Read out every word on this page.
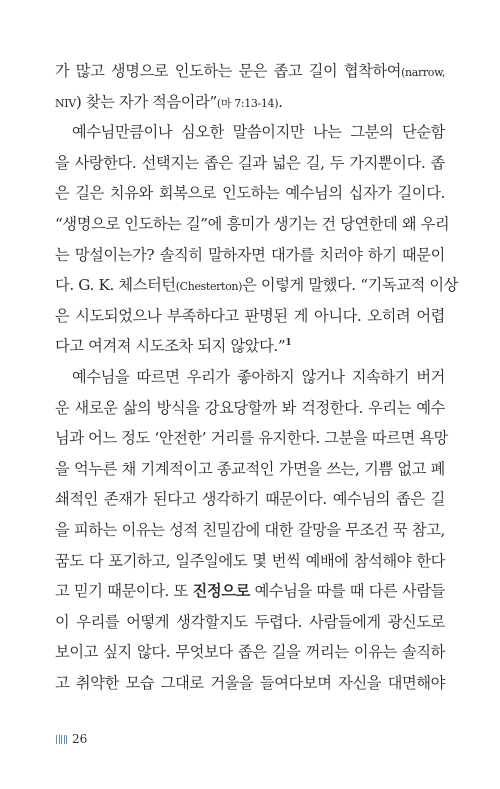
가 많고 생명으로 인도하는 문은 좁고 길이 협착하여(narrow,
NIV) 찾는 자가 적음이라”(마 7:13-14).
예수님만큼이나 심오한 말씀이지만 나는 그분의 단순함
을 사랑한다. 선택지는 좁은 길과 넓은 길, 두 가지뿐이다. 좁
은 길은 치유와 회복으로 인도하는 예수님의 십자가 길이다.
“생명으로 인도하는 길”에 흥미가 생기는 건 당연한데 왜 우리
는 망설이는가? 솔직히 말하자면 대가를 치러야 하기 때문이
다. G. K. 체스터턴(Chesterton)은 이렇게 말했다. “기독교적 이상
은 시도되었으나 부족하다고 판명된 게 아니다. 오히려 어렵
다고 여겨져 시도조차 되지 않았다.”$^1$
예수님을 따르면 우리가 좋아하지 않거나 지속하기 버거
운 새로운 삶의 방식을 강요당할까 봐 걱정한다. 우리는 예수
님과 어느 정도 ‘안전한’ 거리를 유지한다. 그분을 따르면 욕망
을 억누른 채 기계적이고 종교적인 가면을 쓰는, 기쁨 없고 폐
쇄적인 존재가 된다고 생각하기 때문이다. 예수님의 좁은 길
을 피하는 이유는 성적 친밀감에 대한 갈망을 무조건 꾹 참고,
꿈도 다 포기하고, 일주일에도 몇 번씩 예배에 참석해야 한다
고 믿기 때문이다. 또 진정으로 예수님을 따를 때 다른 사람들
이 우리를 어떻게 생각할지도 두렵다. 사람들에게 광신도로
보이고 싶지 않다. 무엇보다 좁은 길을 꺼리는 이유는 솔직하
고 취약한 모습 그대로 거울을 들여다보며 자신을 대면해야
26
